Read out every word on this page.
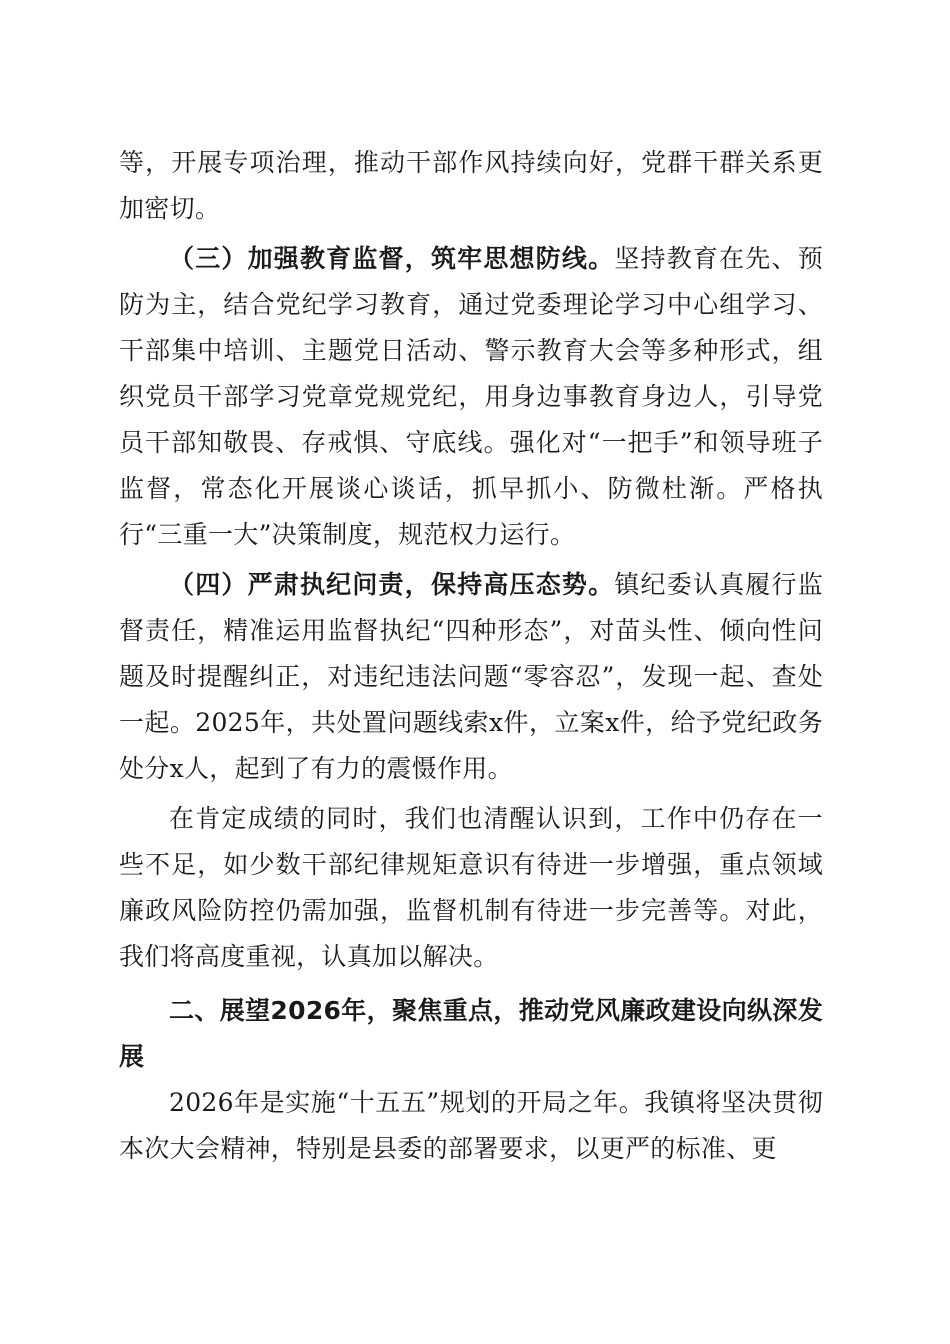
等，开展专项治理，推动干部作风持续向好，党群干群关系更加密切。

（三）加强教育监督，筑牢思想防线。坚持教育在先、预防为主，结合党纪学习教育，通过党委理论学习中心组学习、干部集中培训、主题党日活动、警示教育大会等多种形式，组织党员干部学习党章党规党纪，用身边事教育身边人，引导党员干部知敬畏、存戒惧、守底线。强化对“一把手”和领导班子监督，常态化开展谈心谈话，抓早抓小、防微杜渐。严格执行“三重一大”决策制度，规范权力运行。

（四）严肃执纪问责，保持高压态势。镇纪委认真履行监督责任，精准运用监督执纪“四种形态”，对苗头性、倾向性问题及时提醒纠正，对违纪违法问题“零容忍”，发现一起、查处一起。2025年，共处置问题线索x件，立案x件，给予党纪政务处分x人，起到了有力的震慑作用。

在肯定成绩的同时，我们也清醒认识到，工作中仍存在一些不足，如少数干部纪律规矩意识有待进一步增强，重点领域廉政风险防控仍需加强，监督机制有待进一步完善等。对此，我们将高度重视，认真加以解决。

二、展望2026年，聚焦重点，推动党风廉政建设向纵深发展

2026年是实施“十五五”规划的开局之年。我镇将坚决贯彻本次大会精神，特别是县委的部署要求，以更严的标准、更
